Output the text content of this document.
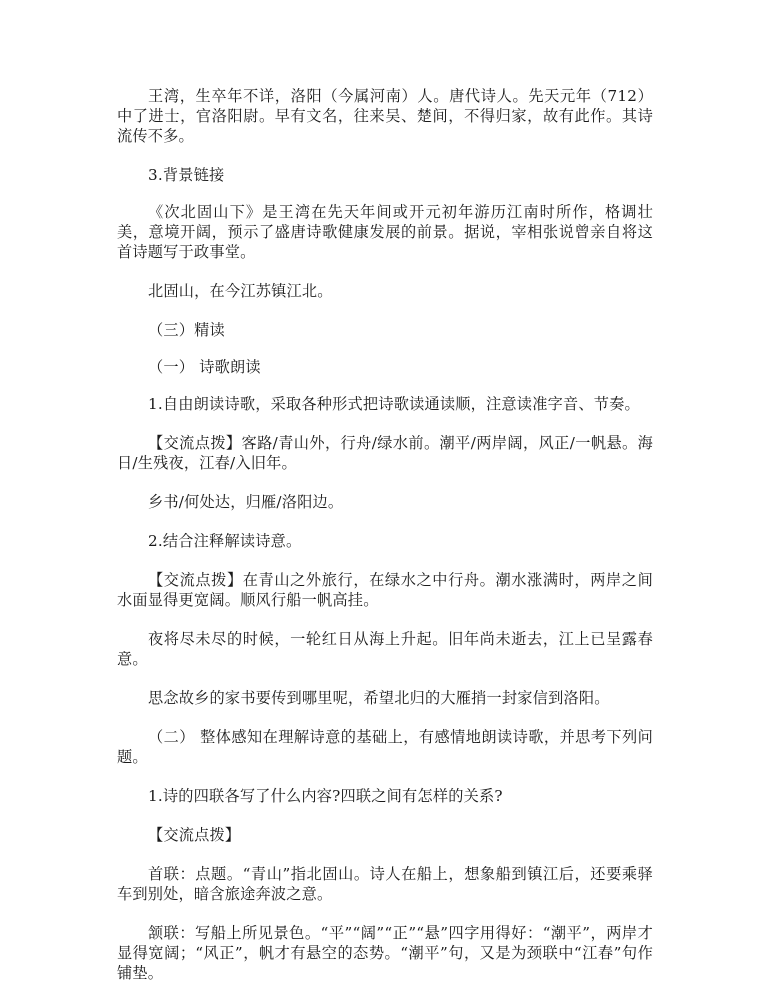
王湾，生卒年不详，洛阳（今属河南）人。唐代诗人。先天元年（712）中了进士，官洛阳尉。早有文名，往来吴、楚间，不得归家，故有此作。其诗流传不多。

3.背景链接

《次北固山下》是王湾在先天年间或开元初年游历江南时所作，格调壮美，意境开阔，预示了盛唐诗歌健康发展的前景。据说，宰相张说曾亲自将这首诗题写于政事堂。

北固山，在今江苏镇江北。

（三）精读

（一） 诗歌朗读

1.自由朗读诗歌，采取各种形式把诗歌读通读顺，注意读准字音、节奏。

【交流点拨】客路/青山外，行舟/绿水前。潮平/两岸阔，风正/一帆悬。海日/生残夜，江春/入旧年。

乡书/何处达，归雁/洛阳边。

2.结合注释解读诗意。

【交流点拨】在青山之外旅行，在绿水之中行舟。潮水涨满时，两岸之间水面显得更宽阔。顺风行船一帆高挂。

夜将尽未尽的时候，一轮红日从海上升起。旧年尚未逝去，江上已呈露春意。

思念故乡的家书要传到哪里呢，希望北归的大雁捎一封家信到洛阳。

（二） 整体感知在理解诗意的基础上，有感情地朗读诗歌，并思考下列问题。

1.诗的四联各写了什么内容?四联之间有怎样的关系?

【交流点拨】

首联：点题。“青山”指北固山。诗人在船上，想象船到镇江后，还要乘驿车到别处，暗含旅途奔波之意。

颔联：写船上所见景色。“平”“阔”“正”“悬”四字用得好：“潮平”，两岸才显得宽阔；“风正”，帆才有悬空的态势。“潮平”句，又是为颈联中“江春”句作铺垫。
